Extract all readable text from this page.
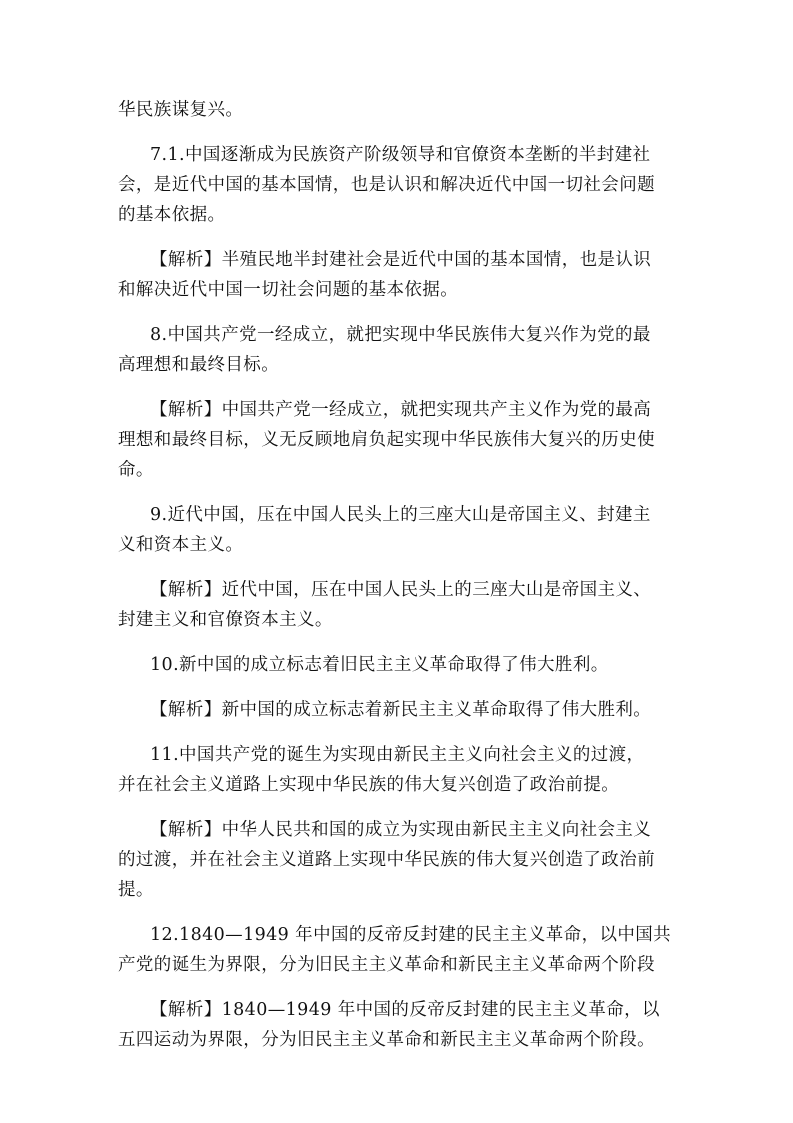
华民族谋复兴。
7.1.中国逐渐成为民族资产阶级领导和官僚资本垄断的半封建社
会，是近代中国的基本国情，也是认识和解决近代中国一切社会问题
的基本依据。
【解析】半殖民地半封建社会是近代中国的基本国情，也是认识
和解决近代中国一切社会问题的基本依据。
8.中国共产党一经成立，就把实现中华民族伟大复兴作为党的最
高理想和最终目标。
【解析】中国共产党一经成立，就把实现共产主义作为党的最高
理想和最终目标，义无反顾地肩负起实现中华民族伟大复兴的历史使
命。
9.近代中国，压在中国人民头上的三座大山是帝国主义、封建主
义和资本主义。
【解析】近代中国，压在中国人民头上的三座大山是帝国主义、
封建主义和官僚资本主义。
10.新中国的成立标志着旧民主主义革命取得了伟大胜利。
【解析】新中国的成立标志着新民主主义革命取得了伟大胜利。
11.中国共产党的诞生为实现由新民主主义向社会主义的过渡，
并在社会主义道路上实现中华民族的伟大复兴创造了政治前提。
【解析】中华人民共和国的成立为实现由新民主主义向社会主义
的过渡，并在社会主义道路上实现中华民族的伟大复兴创造了政治前
提。
12.1840—1949 年中国的反帝反封建的民主主义革命，以中国共
产党的诞生为界限，分为旧民主主义革命和新民主主义革命两个阶段
【解析】1840—1949 年中国的反帝反封建的民主主义革命，以
五四运动为界限，分为旧民主主义革命和新民主主义革命两个阶段。
